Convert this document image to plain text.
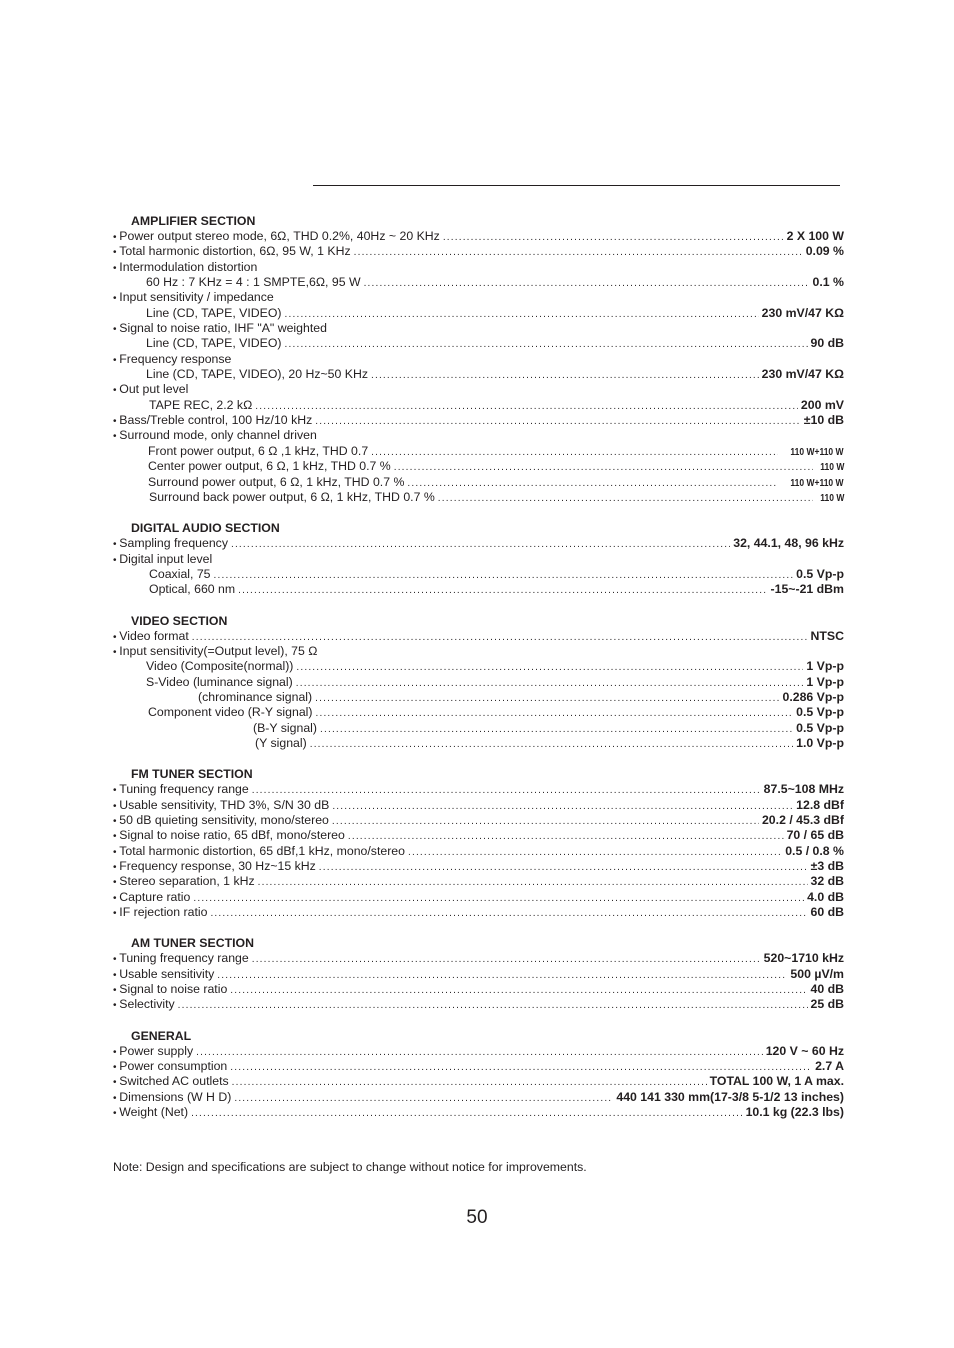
AMPLIFIER SECTION
• Power output stereo mode, 6Ω, THD 0.2%, 40Hz ~ 20 KHz .....	2 X 100 W
• Total harmonic distortion, 6Ω, 95 W, 1 KHz .....	0.09 %
• Intermodulation distortion
60 Hz : 7 KHz = 4 : 1 SMPTE,6Ω, 95 W .....	0.1 %
• Input sensitivity / impedance
Line (CD, TAPE, VIDEO) .....	230 mV/47 KΩ
• Signal to noise ratio, IHF "A" weighted
Line (CD, TAPE, VIDEO) .....	90 dB
• Frequency response
Line (CD, TAPE, VIDEO), 20 Hz~50 KHz .....	230 mV/47 KΩ
• Out put level
TAPE REC, 2.2 kΩ .....	200 mV
• Bass/Treble control, 100 Hz/10 kHz .....	±10 dB
• Surround mode, only channel driven
Front power output, 6 Ω ,1 kHz, THD 0.7 .....	110 W+110 W
Center power output, 6 Ω, 1 kHz, THD 0.7 % .....	110 W
Surround power output, 6 Ω, 1 kHz, THD 0.7 % .....	110 W+110 W
Surround back power output, 6 Ω, 1 kHz, THD 0.7 % .....	110 W
DIGITAL AUDIO SECTION
• Sampling frequency .....	32, 44.1, 48, 96 kHz
• Digital input level
Coaxial, 75 .....	0.5 Vp-p
Optical, 660 nm .....	-15~-21 dBm
VIDEO SECTION
• Video format .....	NTSC
• Input sensitivity(=Output level), 75 Ω
Video (Composite(normal)) .....	1 Vp-p
S-Video (luminance signal) .....	1 Vp-p
(chrominance signal) .....	0.286 Vp-p
Component video (R-Y signal) .....	0.5 Vp-p
(B-Y signal) .....	0.5 Vp-p
(Y signal) .....	1.0 Vp-p
FM TUNER SECTION
• Tuning frequency range .....	87.5~108 MHz
• Usable sensitivity, THD 3%, S/N 30 dB .....	12.8 dBf
• 50 dB quieting sensitivity, mono/stereo .....	20.2 / 45.3 dBf
• Signal to noise ratio, 65 dBf, mono/stereo .....	70 / 65 dB
• Total harmonic distortion, 65 dBf,1 kHz, mono/stereo .....	0.5 / 0.8 %
• Frequency response, 30 Hz~15 kHz .....	±3 dB
• Stereo separation, 1 kHz .....	32 dB
• Capture ratio .....	4.0 dB
• IF rejection ratio .....	60 dB
AM TUNER SECTION
• Tuning frequency range .....	520~1710 kHz
• Usable sensitivity .....	500 µV/m
• Signal to noise ratio .....	40 dB
• Selectivity .....	25 dB
GENERAL
• Power supply .....	120 V ~ 60 Hz
• Power consumption .....	2.7 A
• Switched AC outlets .....	TOTAL 100 W, 1 A max.
• Dimensions (W H D) .....	440 141 330 mm(17-3/8 5-1/2 13 inches)
• Weight (Net) .....	10.1 kg (22.3 lbs)
Note: Design and specifications are subject to change without notice for improvements.
50
